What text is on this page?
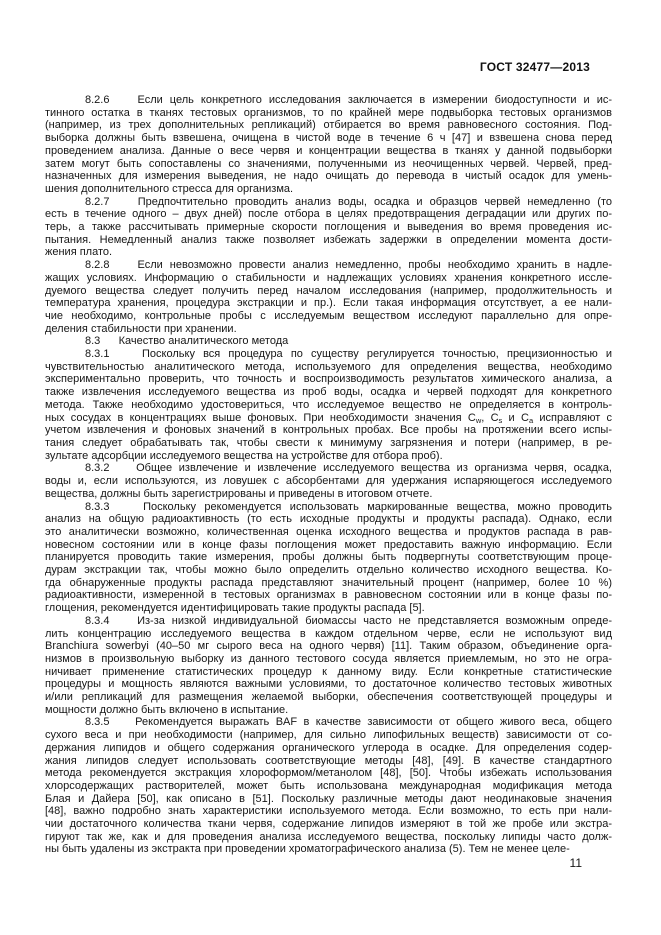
ГОСТ 32477—2013
8.2.6    Если цель конкретного исследования заключается в измерении биодоступности и ис-
тинного остатка в тканях тестовых организмов, то по крайней мере подвыборка тестовых организмов
(например, из трех дополнительных репликаций) отбирается во время равновесного состояния. Под-
выборка должны быть взвешена, очищена в чистой воде в течение 6 ч [47] и взвешена снова перед
проведением анализа. Данные о весе червя и концентрации вещества в тканях у данной подвыборки
затем могут быть сопоставлены со значениями, полученными из неочищенных червей. Червей, пред-
назначенных для измерения выведения, не надо очищать до перевода в чистый осадок для умень-
шения дополнительного стресса для организма.
8.2.7    Предпочтительно проводить анализ воды, осадка и образцов червей немедленно (то
есть в течение одного – двух дней) после отбора в целях предотвращения деградации или других по-
терь, а также рассчитывать примерные скорости поглощения и выведения во время проведения ис-
пытания. Немедленный анализ также позволяет избежать задержки в определении момента дости-
жения плато.
8.2.8    Если невозможно провести анализ немедленно, пробы необходимо хранить в надле-
жащих условиях. Информацию о стабильности и надлежащих условиях хранения конкретного иссле-
дуемого вещества следует получить перед началом исследования (например, продолжительность и
температура хранения, процедура экстракции и пр.). Если такая информация отсутствует, а ее нали-
чие необходимо, контрольные пробы с исследуемым веществом исследуют параллельно для опре-
деления стабильности при хранении.
8.3      Качество аналитического метода
8.3.1    Поскольку вся процедура по существу регулируется точностью, прецизионностью и
чувствительностью аналитического метода, используемого для определения вещества, необходимо
экспериментально проверить, что точность и воспроизводимость результатов химического анализа, а
также извлечения исследуемого вещества из проб воды, осадка и червей подходят для конкретного
метода. Также необходимо удостовериться, что исследуемое вещество не определяется в контроль-
ных сосудах в концентрациях выше фоновых. При необходимости значения $C_w$, $C_s$ и $C_a$ исправляют с
учетом извлечения и фоновых значений в контрольных пробах. Все пробы на протяжении всего испы-
тания следует обрабатывать так, чтобы свести к минимуму загрязнения и потери (например, в ре-
зультате адсорбции исследуемого вещества на устройстве для отбора проб).
8.3.2    Общее извлечение и извлечение исследуемого вещества из организма червя, осадка,
воды и, если используются, из ловушек с абсорбентами для удержания испаряющегося исследуемого
вещества, должны быть зарегистрированы и приведены в итоговом отчете.
8.3.3    Поскольку рекомендуется использовать маркированные вещества, можно проводить
анализ на общую радиоактивность (то есть исходные продукты и продукты распада). Однако, если
это аналитически возможно, количественная оценка исходного вещества и продуктов распада в рав-
новесном состоянии или в конце фазы поглощения может предоставить важную информацию. Если
планируется проводить такие измерения, пробы должны быть подвергнуты соответствующим проце-
дурам экстракции так, чтобы можно было определить отдельно количество исходного вещества. Ко-
гда обнаруженные продукты распада представляют значительный процент (например, более 10 %)
радиоактивности, измеренной в тестовых организмах в равновесном состоянии или в конце фазы по-
глощения, рекомендуется идентифицировать такие продукты распада [5].
8.3.4    Из-за низкой индивидуальной биомассы часто не представляется возможным опреде-
лить концентрацию исследуемого вещества в каждом отдельном черве, если не используют вид
Branchiura sowerbyi (40–50 мг сырого веса на одного червя) [11]. Таким образом, объединение орга-
низмов в произвольную выборку из данного тестового сосуда является приемлемым, но это не огра-
ничивает применение статистических процедур к данному виду. Если конкретные статистические
процедуры и мощность являются важными условиями, то достаточное количество тестовых животных
и/или репликаций для размещения желаемой выборки, обеспечения соответствующей процедуры и
мощности должно быть включено в испытание.
8.3.5    Рекомендуется выражать BAF в качестве зависимости от общего живого веса, общего
сухого веса и при необходимости (например, для сильно липофильных веществ) зависимости от со-
держания липидов и общего содержания органического углерода в осадке. Для определения содер-
жания липидов следует использовать соответствующие методы [48], [49]. В качестве стандартного
метода рекомендуется экстракция хлороформом/метанолом [48], [50]. Чтобы избежать использования
хлорсодержащих растворителей, может быть использована международная модификация метода
Блая и Дайера [50], как описано в [51]. Поскольку различные методы дают неодинаковые значения
[48], важно подробно знать характеристики используемого метода. Если возможно, то есть при нали-
чии достаточного количества ткани червя, содержание липидов измеряют в той же пробе или экстра-
гируют так же, как и для проведения анализа исследуемого вещества, поскольку липиды часто долж-
ны быть удалены из экстракта при проведении хроматографического анализа (5). Тем не менее целе-
11
